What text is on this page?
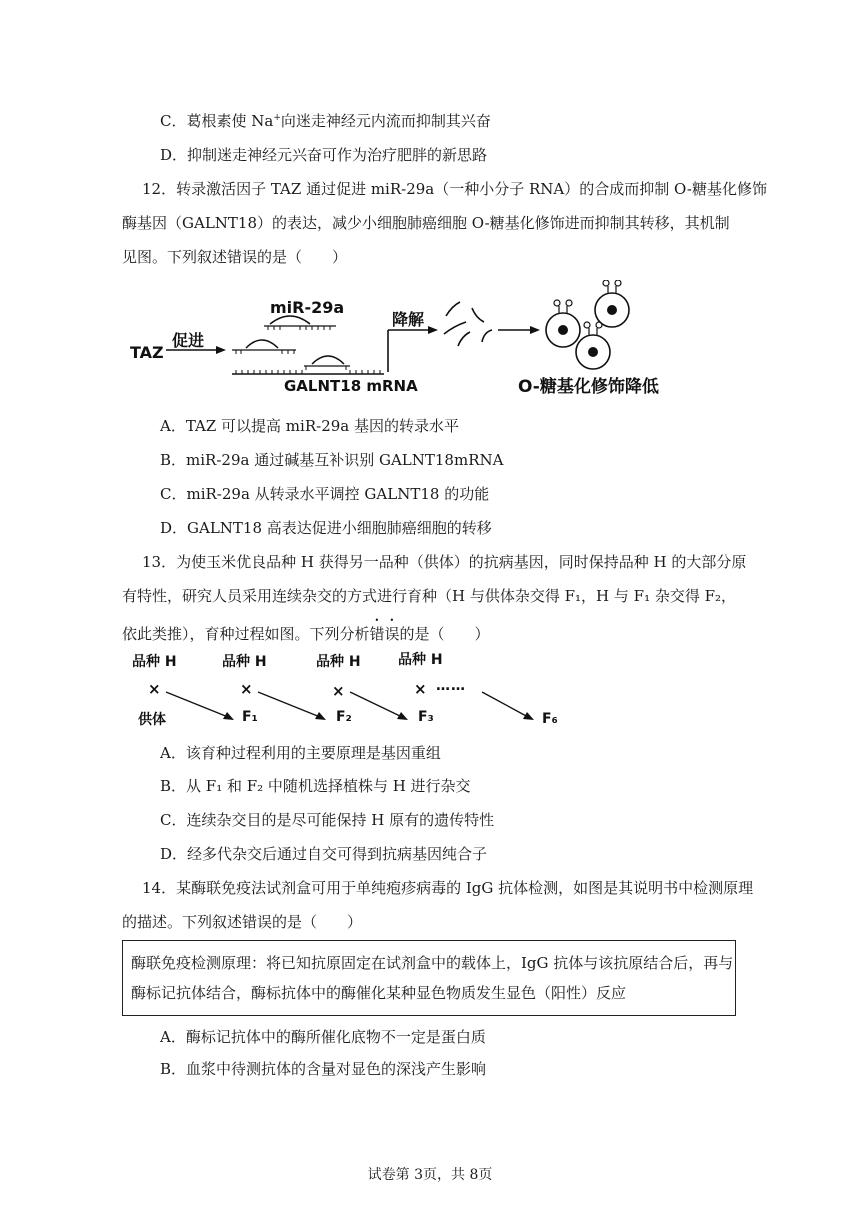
C．葛根素使 Na+向迷走神经元内流而抑制其兴奋
D．抑制迷走神经元兴奋可作为治疗肥胖的新思路
12．转录激活因子 TAZ 通过促进 miR-29a（一种小分子 RNA）的合成而抑制 O-糖基化修饰
酶基因（GALNT18）的表达，减少小细胞肺癌细胞 O-糖基化修饰进而抑制其转移，其机制
见图。下列叙述错误的是（　　）
miR-29a
促进
TAZ
降解
GALNT18 mRNA	O-糖基化修饰降低
A．TAZ 可以提高 miR-29a 基因的转录水平
B．miR-29a 通过碱基互补识别 GALNT18mRNA
C．miR-29a 从转录水平调控 GALNT18 的功能
D．GALNT18 高表达促进小细胞肺癌细胞的转移
13．为使玉米优良品种 H 获得另一品种（供体）的抗病基因，同时保持品种 H 的大部分原
有特性，研究人员采用连续杂交的方式进行育种（H 与供体杂交得 F₁，H 与 F₁ 杂交得 F₂，
依此类推），育种过程如图。下列分析错误的是（　　）
品种 H	品种 H	品种 H	品种 H
×	×	×	× ……
供体	F₁	F₂	F₃	F₆
A．该育种过程利用的主要原理是基因重组
B．从 F₁ 和 F₂ 中随机选择植株与 H 进行杂交
C．连续杂交目的是尽可能保持 H 原有的遗传特性
D．经多代杂交后通过自交可得到抗病基因纯合子
14．某酶联免疫法试剂盒可用于单纯疱疹病毒的 IgG 抗体检测，如图是其说明书中检测原理
的描述。下列叙述错误的是（　　）
酶联免疫检测原理：将已知抗原固定在试剂盒中的载体上，IgG 抗体与该抗原结合后，再与
酶标记抗体结合，酶标抗体中的酶催化某种显色物质发生显色（阳性）反应
A．酶标记抗体中的酶所催化底物不一定是蛋白质
B．血浆中待测抗体的含量对显色的深浅产生影响
试卷第 3页，共 8页
